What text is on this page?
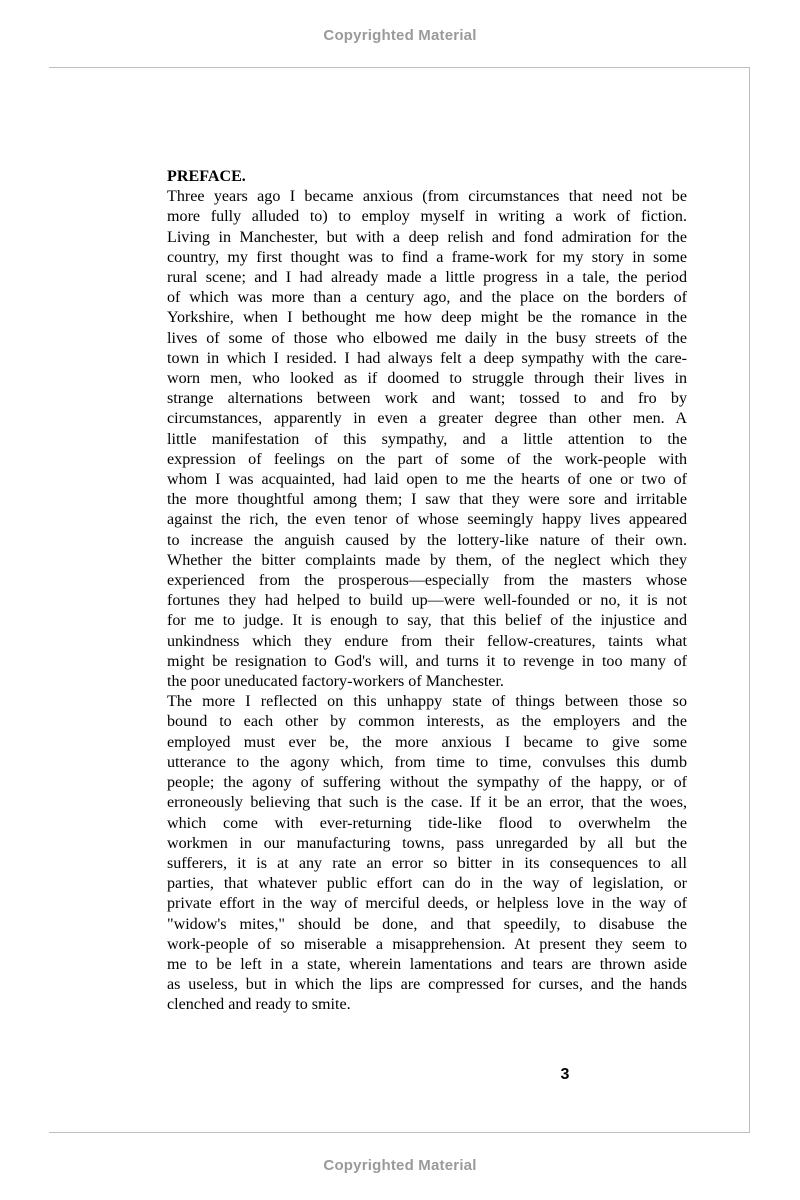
Copyrighted Material

PREFACE.

Three years ago I became anxious (from circumstances that need not be
more fully alluded to) to employ myself in writing a work of fiction.
Living in Manchester, but with a deep relish and fond admiration for the
country, my first thought was to find a frame-work for my story in some
rural scene; and I had already made a little progress in a tale, the period
of which was more than a century ago, and the place on the borders of
Yorkshire, when I bethought me how deep might be the romance in the
lives of some of those who elbowed me daily in the busy streets of the
town in which I resided. I had always felt a deep sympathy with the care-
worn men, who looked as if doomed to struggle through their lives in
strange alternations between work and want; tossed to and fro by
circumstances, apparently in even a greater degree than other men. A
little manifestation of this sympathy, and a little attention to the
expression of feelings on the part of some of the work-people with
whom I was acquainted, had laid open to me the hearts of one or two of
the more thoughtful among them; I saw that they were sore and irritable
against the rich, the even tenor of whose seemingly happy lives appeared
to increase the anguish caused by the lottery-like nature of their own.
Whether the bitter complaints made by them, of the neglect which they
experienced from the prosperous—especially from the masters whose
fortunes they had helped to build up—were well-founded or no, it is not
for me to judge. It is enough to say, that this belief of the injustice and
unkindness which they endure from their fellow-creatures, taints what
might be resignation to God's will, and turns it to revenge in too many of
the poor uneducated factory-workers of Manchester.

The more I reflected on this unhappy state of things between those so
bound to each other by common interests, as the employers and the
employed must ever be, the more anxious I became to give some
utterance to the agony which, from time to time, convulses this dumb
people; the agony of suffering without the sympathy of the happy, or of
erroneously believing that such is the case. If it be an error, that the woes,
which come with ever-returning tide-like flood to overwhelm the
workmen in our manufacturing towns, pass unregarded by all but the
sufferers, it is at any rate an error so bitter in its consequences to all
parties, that whatever public effort can do in the way of legislation, or
private effort in the way of merciful deeds, or helpless love in the way of
"widow's mites," should be done, and that speedily, to disabuse the
work-people of so miserable a misapprehension. At present they seem to
me to be left in a state, wherein lamentations and tears are thrown aside
as useless, but in which the lips are compressed for curses, and the hands
clenched and ready to smite.

3
Copyrighted Material
